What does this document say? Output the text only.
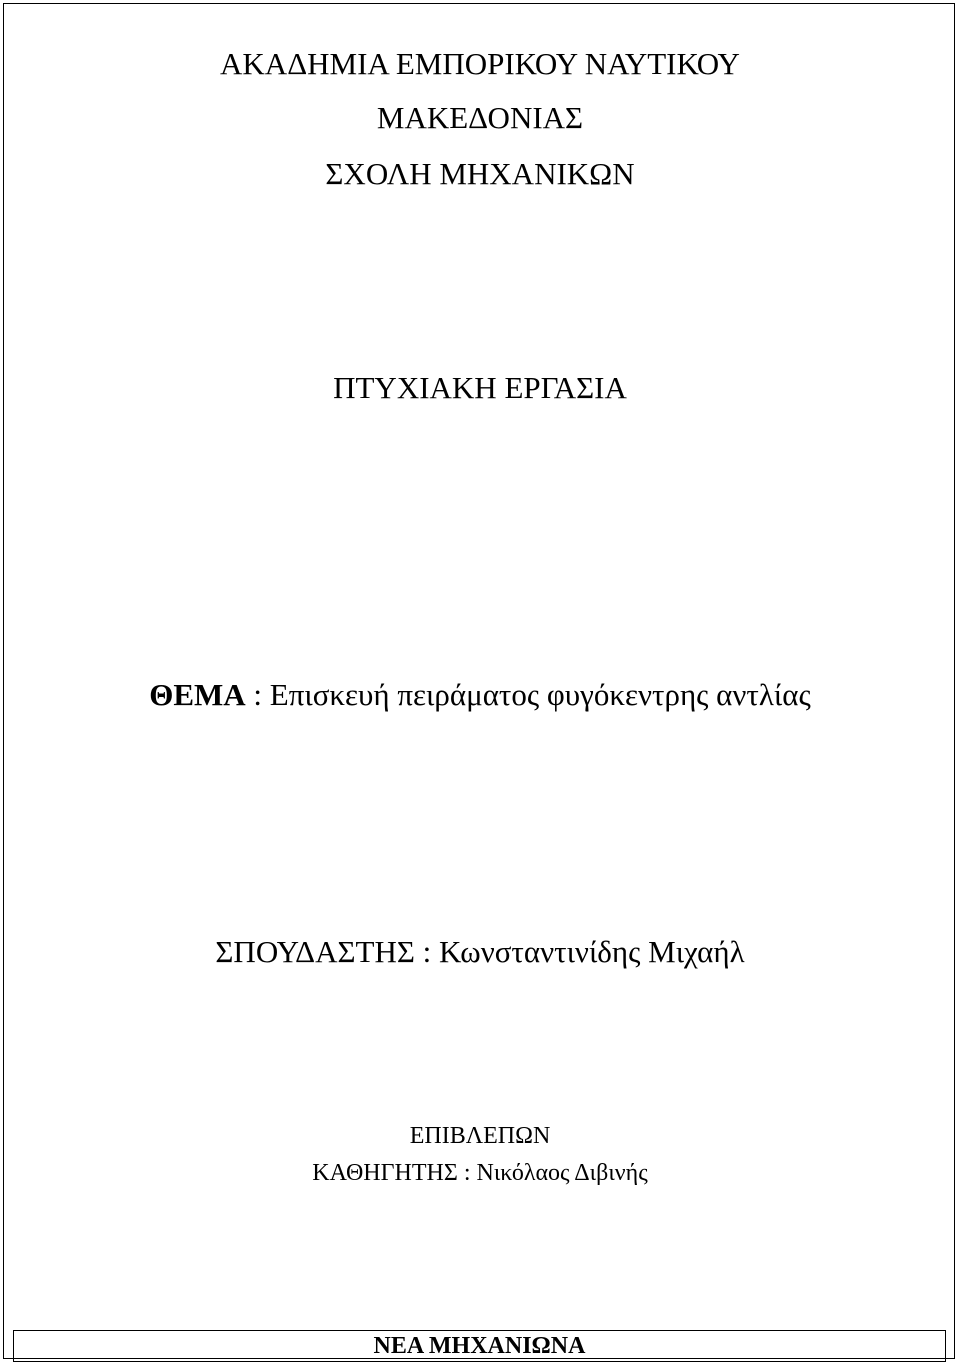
ΑΚΑΔΗΜΙΑ ΕΜΠΟΡΙΚΟΥ ΝΑΥΤΙΚΟΥ
ΜΑΚΕΔΟΝΙΑΣ
ΣΧΟΛΗ ΜΗΧΑΝΙΚΩΝ
ΠΤΥΧΙΑΚΗ ΕΡΓΑΣΙΑ
ΘΕΜΑ : Επισκευή πειράματος φυγόκεντρης αντλίας
ΣΠΟΥΔΑΣΤΗΣ : Κωνσταντινίδης Μιχαήλ
ΕΠΙΒΛΕΠΩΝ
ΚΑΘΗΓΗΤΗΣ : Νικόλαος Διβινής
ΝΕΑ ΜΗΧΑΝΙΩΝΑ
